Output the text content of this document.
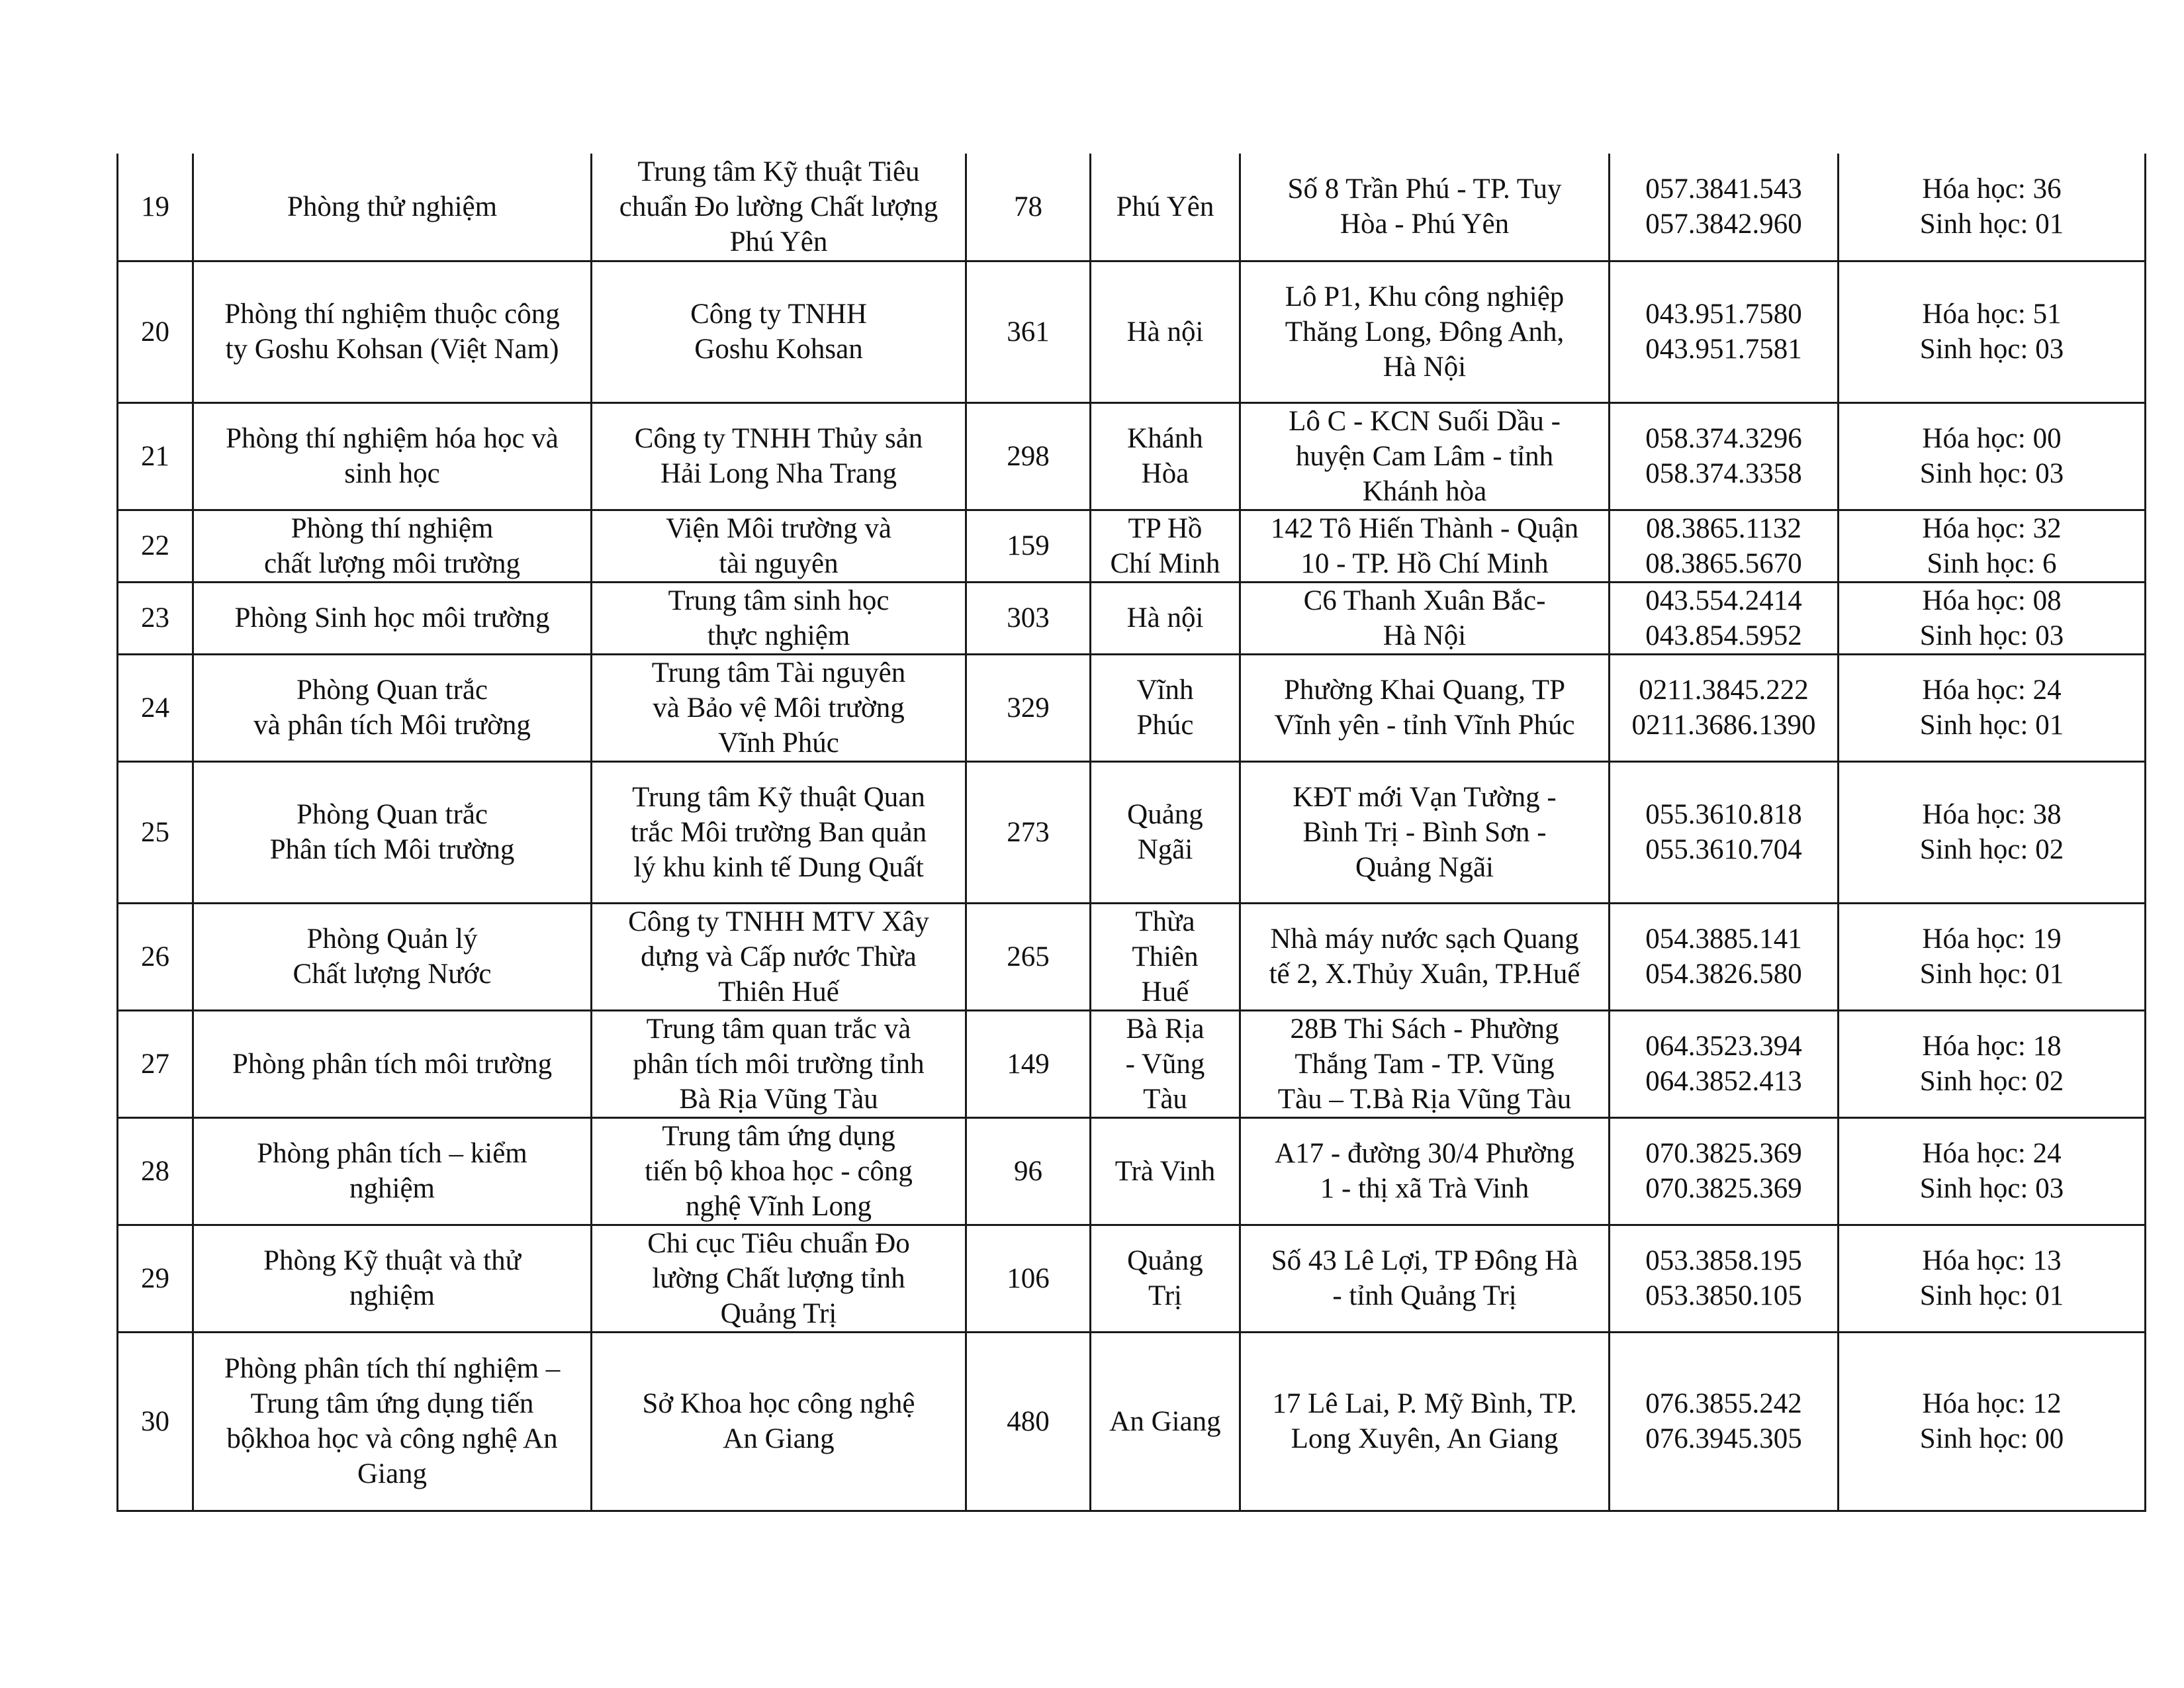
19	Phòng thử nghiệm	Trung tâm Kỹ thuật Tiêu
chuẩn Đo lường Chất lượng
Phú Yên	78	Phú Yên	Số 8 Trần Phú - TP. Tuy
Hòa - Phú Yên	057.3841.543
057.3842.960	Hóa học: 36
Sinh học: 01

20	Phòng thí nghiệm thuộc công
ty Goshu Kohsan (Việt Nam)	Công ty TNHH
Goshu Kohsan	361	Hà nội	Lô P1, Khu công nghiệp
Thăng Long, Đông Anh,
Hà Nội	043.951.7580
043.951.7581	Hóa học: 51
Sinh học: 03

21	Phòng thí nghiệm hóa học và
sinh học	Công ty TNHH Thủy sản
Hải Long Nha Trang	298	Khánh
Hòa	Lô C - KCN Suối Dầu -
huyện Cam Lâm - tỉnh
Khánh hòa	058.374.3296
058.374.3358	Hóa học: 00
Sinh học: 03

22	Phòng thí nghiệm
chất lượng môi trường	Viện Môi trường và
tài nguyên	159	TP Hồ
Chí Minh	142 Tô Hiến Thành - Quận
10 - TP. Hồ Chí Minh	08.3865.1132
08.3865.5670	Hóa học: 32
Sinh học: 6

23	Phòng Sinh học môi trường	Trung tâm sinh học
thực nghiệm	303	Hà nội	C6 Thanh Xuân Bắc-
Hà Nội	043.554.2414
043.854.5952	Hóa học: 08
Sinh học: 03

24	Phòng Quan trắc
và phân tích Môi trường	Trung tâm Tài nguyên
và Bảo vệ Môi trường
Vĩnh Phúc	329	Vĩnh
Phúc	Phường Khai Quang, TP
Vĩnh yên - tỉnh Vĩnh Phúc	0211.3845.222
0211.3686.1390	Hóa học: 24
Sinh học: 01

25	Phòng Quan trắc
Phân tích Môi trường	Trung tâm Kỹ thuật Quan
trắc Môi trường Ban quản
lý khu kinh tế Dung Quất	273	Quảng
Ngãi	KĐT mới Vạn Tường -
Bình Trị - Bình Sơn -
Quảng Ngãi	055.3610.818
055.3610.704	Hóa học: 38
Sinh học: 02

26	Phòng Quản lý
Chất lượng Nước	Công ty TNHH MTV Xây
dựng và Cấp nước Thừa
Thiên Huế	265	Thừa
Thiên
Huế	Nhà máy nước sạch Quang
tế 2, X.Thủy Xuân, TP.Huế	054.3885.141
054.3826.580	Hóa học: 19
Sinh học: 01

27	Phòng phân tích môi trường	Trung tâm quan trắc và
phân tích môi trường tỉnh
Bà Rịa Vũng Tàu	149	Bà Rịa
- Vũng
Tàu	28B Thi Sách - Phường
Thắng Tam - TP. Vũng
Tàu – T.Bà Rịa Vũng Tàu	064.3523.394
064.3852.413	Hóa học: 18
Sinh học: 02

28	Phòng phân tích – kiểm
nghiệm	Trung tâm ứng dụng
tiến bộ khoa học - công
nghệ Vĩnh Long	96	Trà Vinh	A17 - đường 30/4 Phường
1 - thị xã Trà Vinh	070.3825.369
070.3825.369	Hóa học: 24
Sinh học: 03

29	Phòng Kỹ thuật và thử
nghiệm	Chi cục Tiêu chuẩn Đo
lường Chất lượng tỉnh
Quảng Trị	106	Quảng
Trị	Số 43 Lê Lợi, TP Đông Hà
- tỉnh Quảng Trị	053.3858.195
053.3850.105	Hóa học: 13
Sinh học: 01

30	Phòng phân tích thí nghiệm –
Trung tâm ứng dụng tiến
bộkhoa học và công nghệ An
Giang	Sở Khoa học công nghệ
An Giang	480	An Giang	17 Lê Lai, P. Mỹ Bình, TP.
Long Xuyên, An Giang	076.3855.242
076.3945.305	Hóa học: 12
Sinh học: 00
